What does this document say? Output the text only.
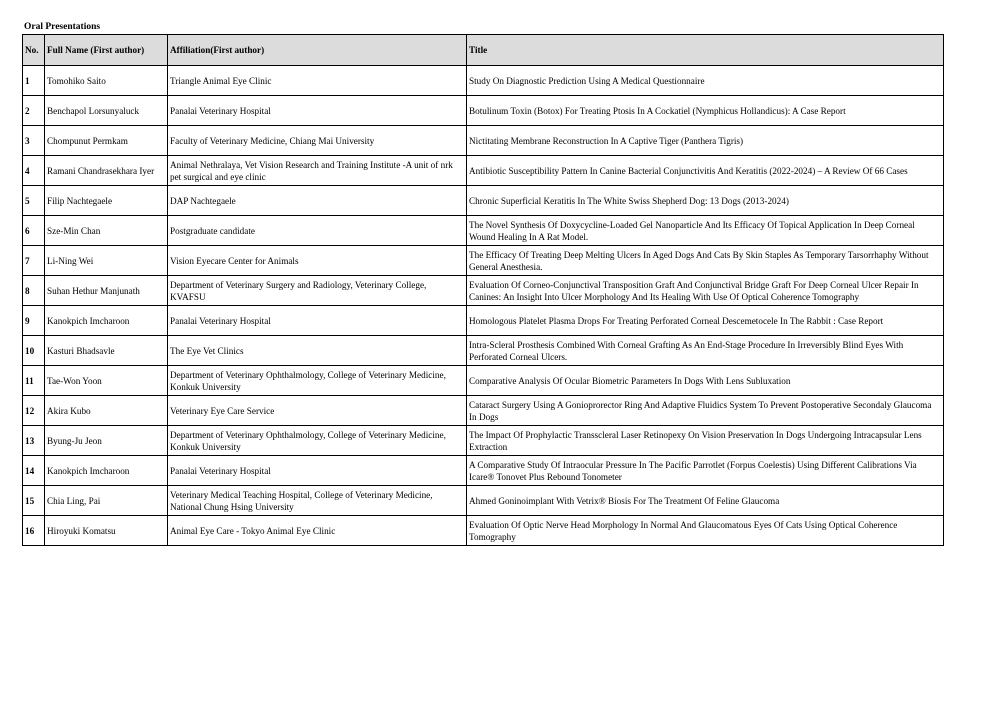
Oral Presentations
No.	Full Name (First author)	Affiliation(First author)	Title
1	Tomohiko Saito	Triangle Animal Eye Clinic	Study On Diagnostic Prediction Using A Medical Questionnaire
2	Benchapol Lorsunyaluck	Panalai Veterinary Hospital	Botulinum Toxin (Botox) For Treating Ptosis In A Cockatiel (Nymphicus Hollandicus): A Case Report
3	Chompunut Permkam	Faculty of Veterinary Medicine, Chiang Mai University	Nictitating Membrane Reconstruction In A Captive Tiger (Panthera Tigris)
4	Ramani Chandrasekhara Iyer	Animal Nethralaya, Vet Vision Research and Training Institute -A unit of nrk pet surgical and eye clinic	Antibiotic Susceptibility Pattern In Canine Bacterial Conjunctivitis And Keratitis (2022-2024) – A Review Of 66 Cases
5	Filip Nachtegaele	DAP Nachtegaele	Chronic Superficial Keratitis In The White Swiss Shepherd Dog: 13 Dogs (2013-2024)
6	Sze-Min Chan	Postgraduate candidate	The Novel Synthesis Of Doxycycline-Loaded Gel Nanoparticle And Its Efficacy Of Topical Application In Deep Corneal Wound Healing In A Rat Model.
7	Li-Ning Wei	Vision Eyecare Center for Animals	The Efficacy Of Treating Deep Melting Ulcers In Aged Dogs And Cats By Skin Staples As Temporary Tarsorrhaphy Without General Anesthesia.
8	Suhan Hethur Manjunath	Department of Veterinary Surgery and Radiology, Veterinary College, KVAFSU	Evaluation Of Corneo-Conjunctival Transposition Graft And Conjunctival Bridge Graft For Deep Corneal Ulcer Repair In Canines: An Insight Into Ulcer Morphology And Its Healing With Use Of Optical Coherence Tomography
9	Kanokpich Imcharoon	Panalai Veterinary Hospital	Homologous Platelet Plasma Drops For Treating Perforated Corneal Descemetocele In The Rabbit : Case Report
10	Kasturi Bhadsavle	The Eye Vet Clinics	Intra-Scleral Prosthesis Combined With Corneal Grafting As An End-Stage Procedure In Irreversibly Blind Eyes With Perforated Corneal Ulcers.
11	Tae-Won Yoon	Department of Veterinary Ophthalmology, College of Veterinary Medicine, Konkuk University	Comparative Analysis Of Ocular Biometric Parameters In Dogs With Lens Subluxation
12	Akira Kubo	Veterinary Eye Care Service	Cataract Surgery Using A Gonioprorector Ring And Adaptive Fluidics System To Prevent Postoperative Secondaly Glaucoma In Dogs
13	Byung-Ju Jeon	Department of Veterinary Ophthalmology, College of Veterinary Medicine, Konkuk University	The Impact Of Prophylactic Transscleral Laser Retinopexy On Vision Preservation In Dogs Undergoing Intracapsular Lens Extraction
14	Kanokpich Imcharoon	Panalai Veterinary Hospital	A Comparative Study Of Intraocular Pressure In The Pacific Parrotlet (Forpus Coelestis) Using Different Calibrations Via Icare® Tonovet Plus Rebound Tonometer
15	Chia Ling, Pai	Veterinary Medical Teaching Hospital, College of Veterinary Medicine, National Chung Hsing University	Ahmed Goninoimplant With Vetrix® Biosis For The Treatment Of Feline Glaucoma
16	Hiroyuki Komatsu	Animal Eye Care - Tokyo Animal Eye Clinic	Evaluation Of Optic Nerve Head Morphology In Normal And Glaucomatous Eyes Of Cats Using Optical Coherence Tomography
